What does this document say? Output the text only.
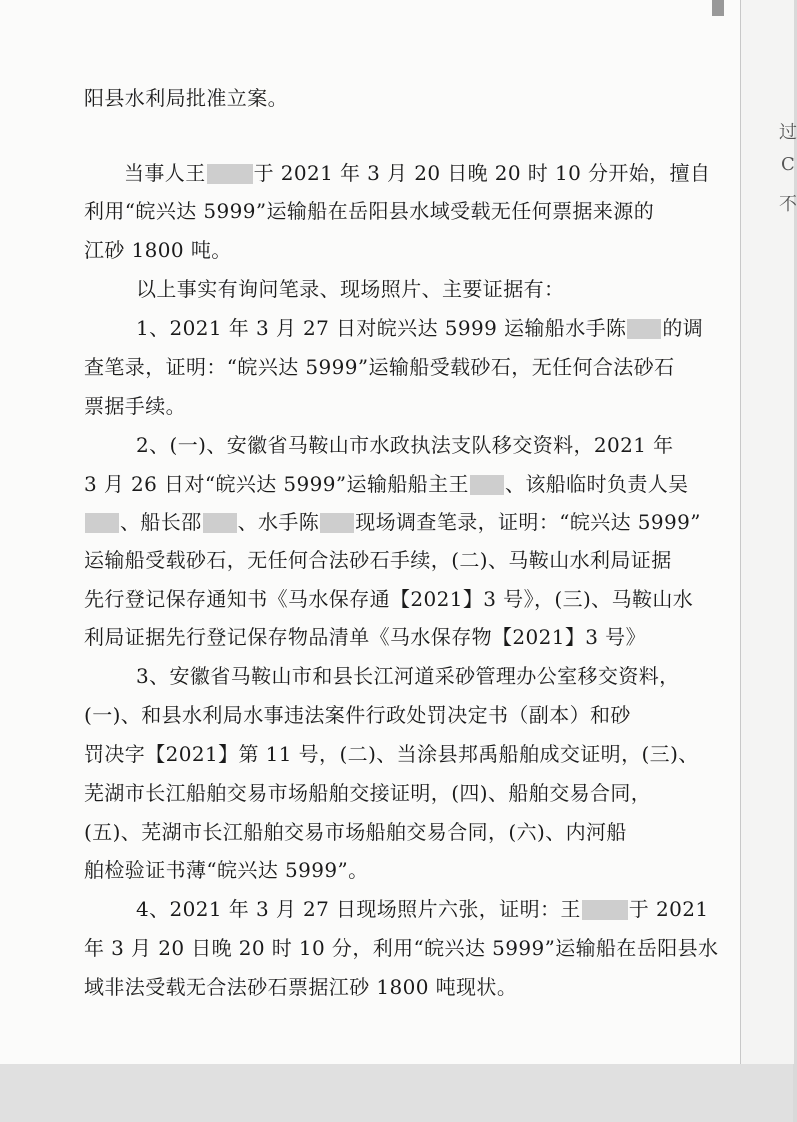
阳县水利局批准立案。

当事人王 于 2021 年 3 月 20 日晚 20 时 10 分开始，擅自

利用“皖兴达 5999”运输船在岳阳县水域受载无任何票据来源的

江砂 1800 吨。

以上事实有询问笔录、现场照片、主要证据有：

1、2021 年 3 月 27 日对皖兴达 5999 运输船水手陈 的调

查笔录，证明：“皖兴达 5999”运输船受载砂石，无任何合法砂石

票据手续。

2、(一)、安徽省马鞍山市水政执法支队移交资料，2021 年

3 月 26 日对“皖兴达 5999”运输船船主王 、该船临时负责人吴

、船长邵 、水手陈 现场调查笔录，证明：“皖兴达 5999”

运输船受载砂石，无任何合法砂石手续，(二)、马鞍山水利局证据

先行登记保存通知书《马水保存通【2021】3 号》，(三)、马鞍山水

利局证据先行登记保存物品清单《马水保存物【2021】3 号》

3、安徽省马鞍山市和县长江河道采砂管理办公室移交资料，

(一)、和县水利局水事违法案件行政处罚决定书（副本）和砂

罚决字【2021】第 11 号，(二)、当涂县邦禹船舶成交证明，(三)、

芜湖市长江船舶交易市场船舶交接证明，(四)、船舶交易合同，

(五)、芜湖市长江船舶交易市场船舶交易合同，(六)、内河船

舶检验证书薄“皖兴达 5999”。

4、2021 年 3 月 27 日现场照片六张，证明：王 于 2021

年 3 月 20 日晚 20 时 10 分，利用“皖兴达 5999”运输船在岳阳县水

域非法受载无合法砂石票据江砂 1800 吨现状。

过
C
不
